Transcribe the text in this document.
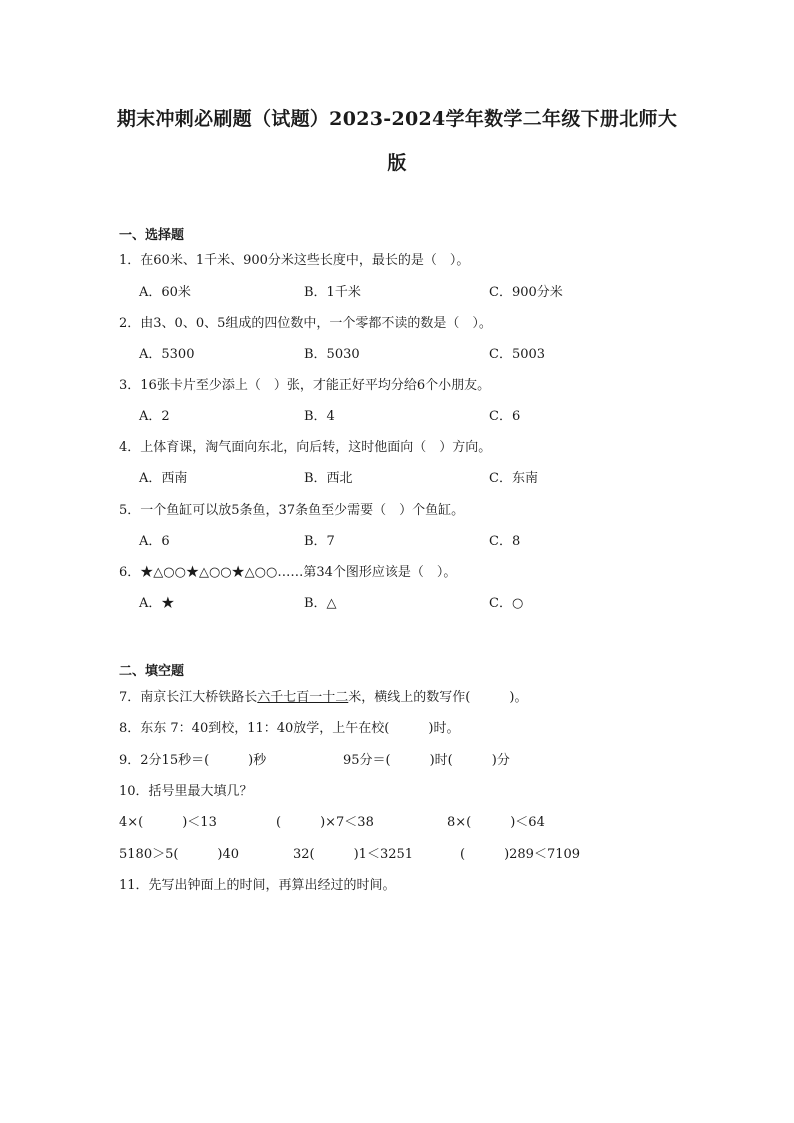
期末冲刺必刷题（试题）2023-2024学年数学二年级下册北师大
版
一、选择题
1．在60米、1千米、900分米这些长度中，最长的是（　）。
A．60米	B．1千米	C．900分米
2．由3、0、0、5组成的四位数中，一个零都不读的数是（　）。
A．5300	B．5030	C．5003
3．16张卡片至少添上（　）张，才能正好平均分给6个小朋友。
A．2	B．4	C．6
4．上体育课，淘气面向东北，向后转，这时他面向（　）方向。
A．西南	B．西北	C．东南
5．一个鱼缸可以放5条鱼，37条鱼至少需要（　）个鱼缸。
A．6	B．7	C．8
6．★△○○★△○○★△○○……第34个图形应该是（　）。
A．★	B．△	C．○
二、填空题
7．南京长江大桥铁路长六千七百一十二米，横线上的数写作(　　　)。
8．东东 7：40到校，11：40放学，上午在校(　　　)时。
9．2分15秒＝(　　　)秒	95分＝(　　　)时(　　　)分
10．括号里最大填几？
4×(　　　)＜13	(　　　)×7＜38	8×(　　　)＜64
5180＞5(　　　)40	32(　　　)1＜3251	(　　　)289＜7109
11．先写出钟面上的时间，再算出经过的时间。
